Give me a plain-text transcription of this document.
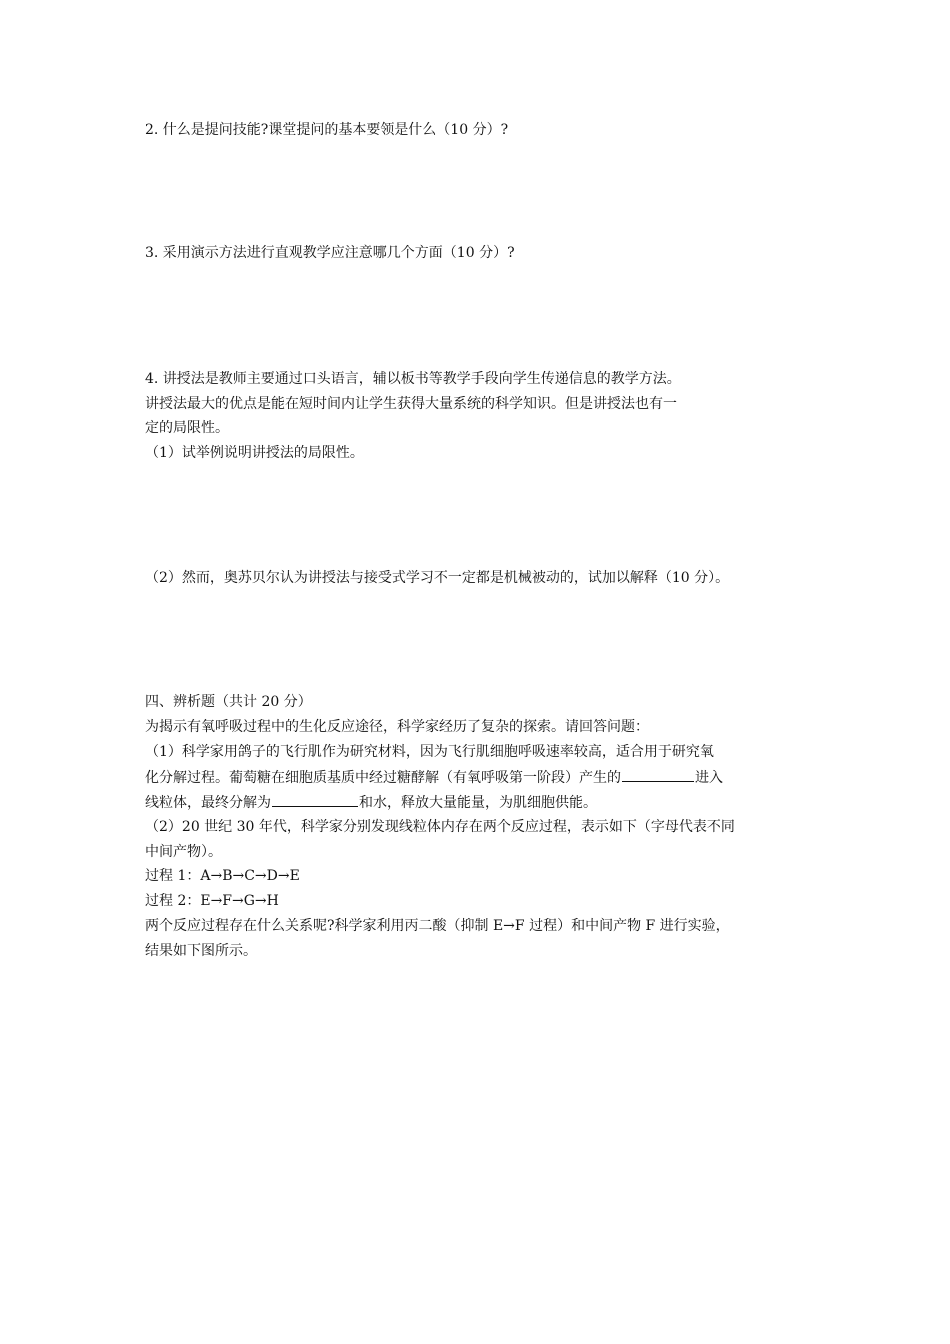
2. 什么是提问技能?课堂提问的基本要领是什么（10 分）?
3. 采用演示方法进行直观教学应注意哪几个方面（10 分）?
4. 讲授法是教师主要通过口头语言，辅以板书等教学手段向学生传递信息的教学方法。
讲授法最大的优点是能在短时间内让学生获得大量系统的科学知识。但是讲授法也有一
定的局限性。
（1）试举例说明讲授法的局限性。
（2）然而，奥苏贝尔认为讲授法与接受式学习不一定都是机械被动的，试加以解释（10 分）。
四、辨析题（共计 20 分）
为揭示有氧呼吸过程中的生化反应途径，科学家经历了复杂的探索。请回答问题：
（1）科学家用鸽子的飞行肌作为研究材料，因为飞行肌细胞呼吸速率较高，适合用于研究氧
化分解过程。葡萄糖在细胞质基质中经过糖酵解（有氧呼吸第一阶段）产生的	进入
线粒体，最终分解为	和水，释放大量能量，为肌细胞供能。
（2）20 世纪 30 年代，科学家分别发现线粒体内存在两个反应过程，表示如下（字母代表不同
中间产物）。
过程 1：A→B→C→D→E
过程 2：E→F→G→H
两个反应过程存在什么关系呢?科学家利用丙二酸（抑制 E→F 过程）和中间产物 F 进行实验，
结果如下图所示。
